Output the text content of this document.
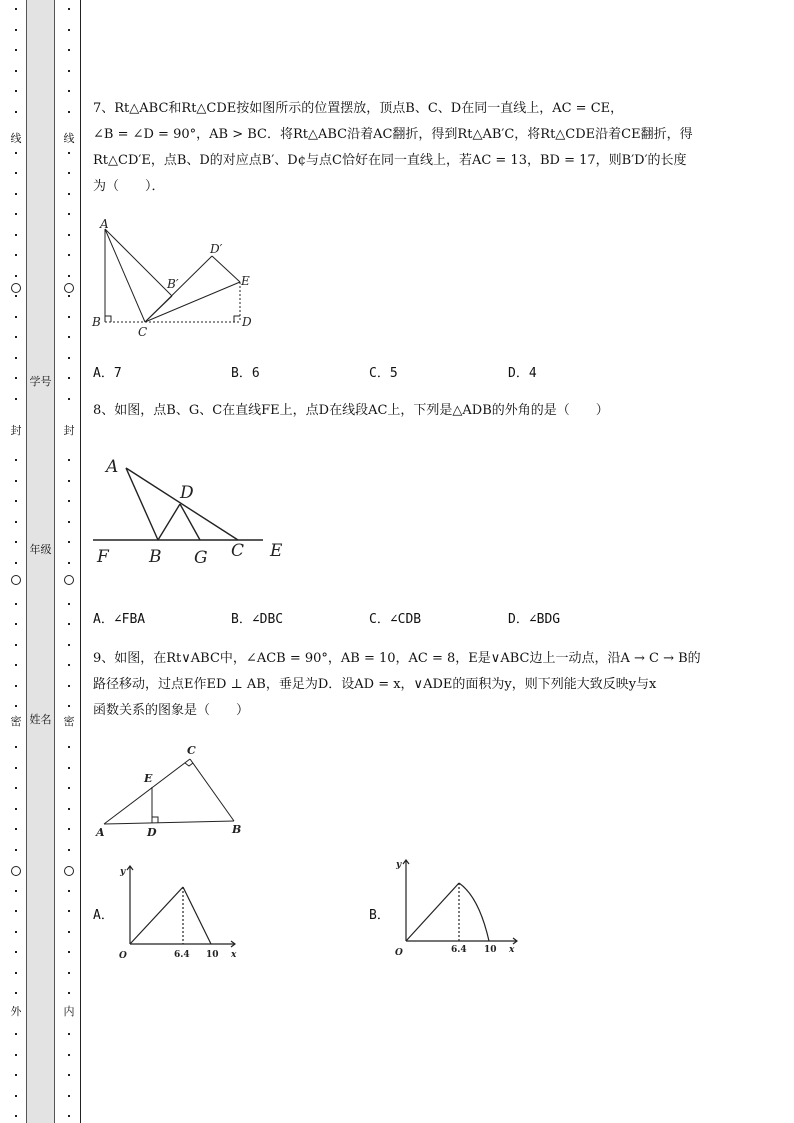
线
封
密
外
学号
年级
姓名
线
封
密
内
7、Rt△ABC和Rt△CDE按如图所示的位置摆放，顶点B、C、D在同一直线上，AC = CE，
∠B = ∠D = 90°，AB > BC．将Rt△ABC沿着AC翻折，得到Rt△AB′C，将Rt△CDE沿着CE翻折，得
Rt△CD′E，点B、D的对应点B′、D¢与点C恰好在同一直线上，若AC = 13，BD = 17，则B′D′的长度
为（　　）．
A
B
C
D
E
B′
D′
A．7	B．6	C．5	D．4
8、如图，点B、G、C在直线FE上，点D在线段AC上，下列是△ADB的外角的是（　　）
A
D
F B G C E
A．∠FBA	B．∠DBC	C．∠CDB	D．∠BDG
9、如图，在Rt∨ABC中，∠ACB = 90°，AB = 10，AC = 8，E是∨ABC边上一动点，沿A → C → B的
路径移动，过点E作ED ⊥ AB，垂足为D．设AD = x，∨ADE的面积为y，则下列能大致反映y与x
函数关系的图象是（　　）
C
E
A	D	B
A．
y
O	6.4 10 x
B．
y
O	6.4 10 x
